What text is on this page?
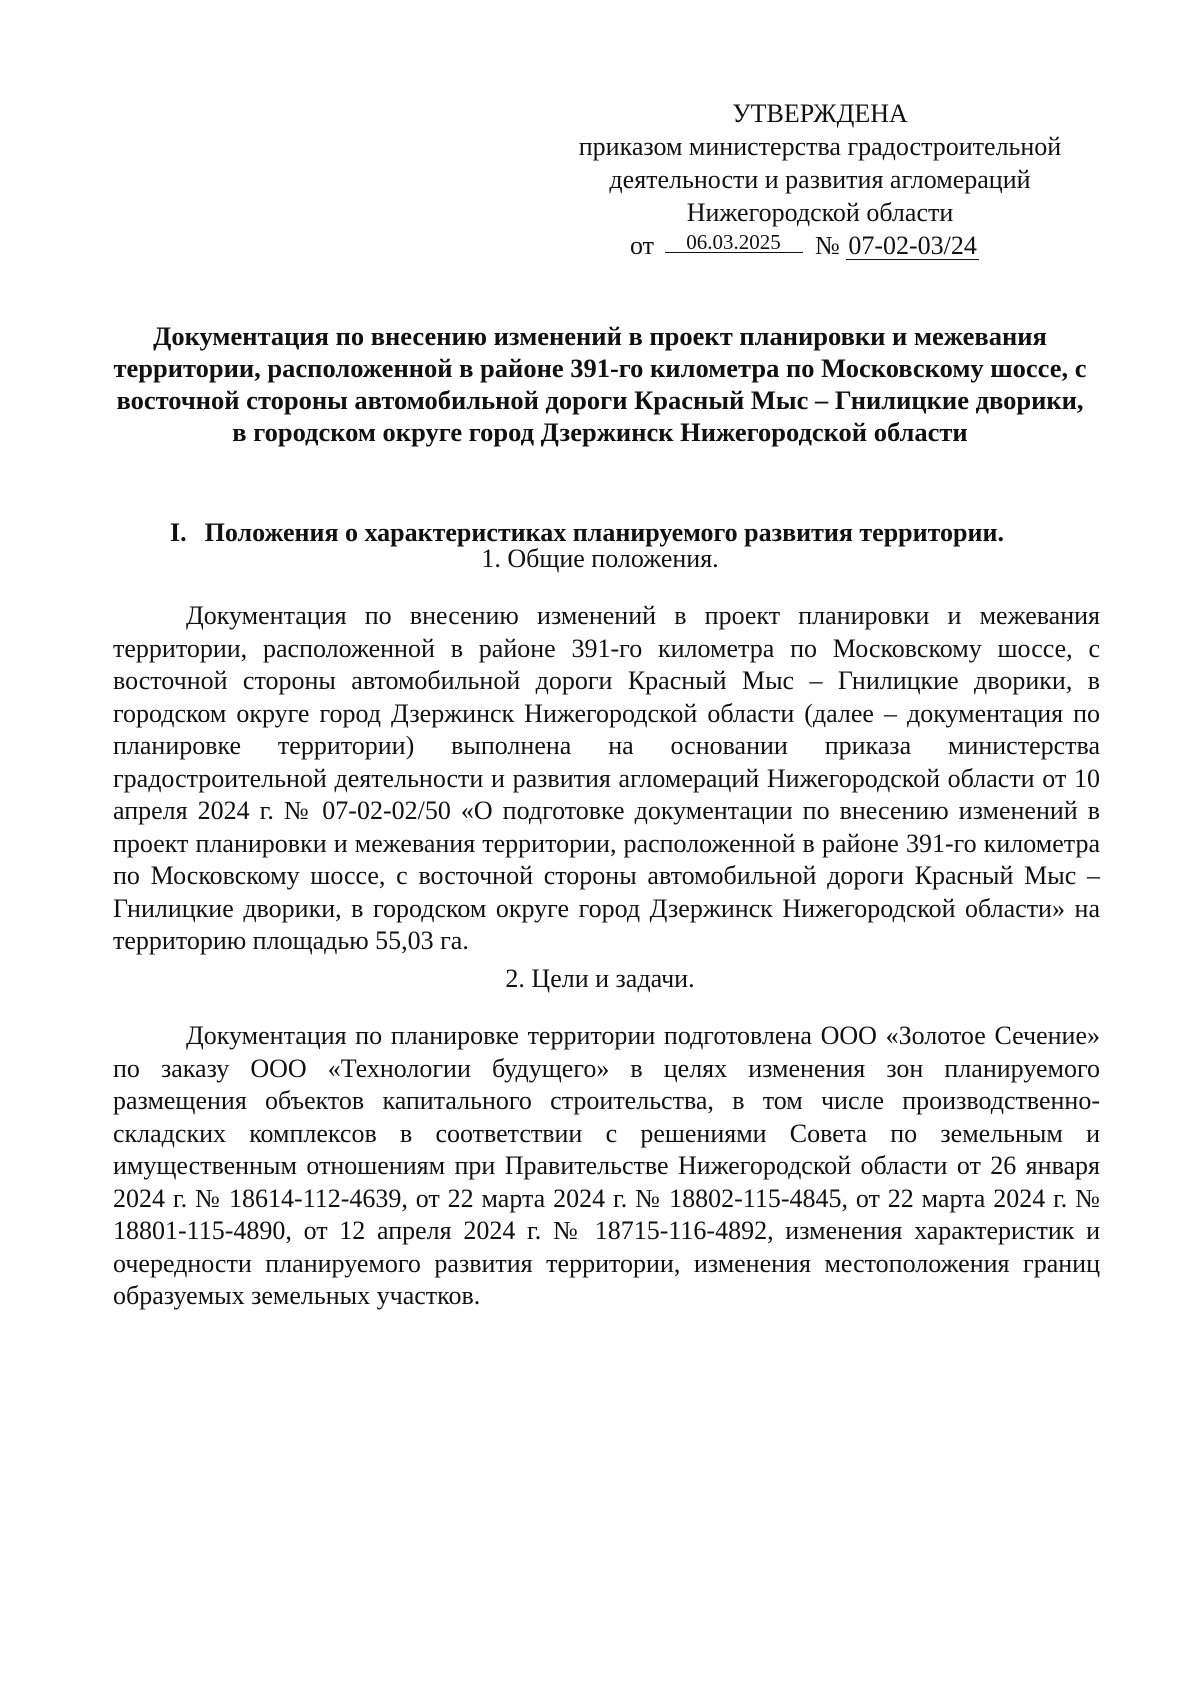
УТВЕРЖДЕНА
приказом министерства градостроительной
деятельности и развития агломераций
Нижегородской области
от 06.03.2025 № 07-02-03/24
Документация по внесению изменений в проект планировки и межевания территории, расположенной в районе 391-го километра по Московскому шоссе, с восточной стороны автомобильной дороги Красный Мыс – Гнилицкие дворики, в городском округе город Дзержинск Нижегородской области
I. Положения о характеристиках планируемого развития территории.
1. Общие положения.
Документация по внесению изменений в проект планировки и межевания территории, расположенной в районе 391-го километра по Московскому шоссе, с восточной стороны автомобильной дороги Красный Мыс – Гнилицкие дворики, в городском округе город Дзержинск Нижегородской области (далее – документация по планировке территории) выполнена на основании приказа министерства градостроительной деятельности и развития агломераций Нижегородской области от 10 апреля 2024 г. № 07-02-02/50 «О подготовке документации по внесению изменений в проект планировки и межевания территории, расположенной в районе 391-го километра по Московскому шоссе, с восточной стороны автомобильной дороги Красный Мыс – Гнилицкие дворики, в городском округе город Дзержинск Нижегородской области» на территорию площадью 55,03 га.
2. Цели и задачи.
Документация по планировке территории подготовлена ООО «Золотое Сечение» по заказу ООО «Технологии будущего» в целях изменения зон планируемого размещения объектов капитального строительства, в том числе производственно-складских комплексов в соответствии с решениями Совета по земельным и имущественным отношениям при Правительстве Нижегородской области от 26 января 2024 г. № 18614-112-4639, от 22 марта 2024 г. № 18802-115-4845, от 22 марта 2024 г. № 18801-115-4890, от 12 апреля 2024 г. № 18715-116-4892, изменения характеристик и очередности планируемого развития территории, изменения местоположения границ образуемых земельных участков.
